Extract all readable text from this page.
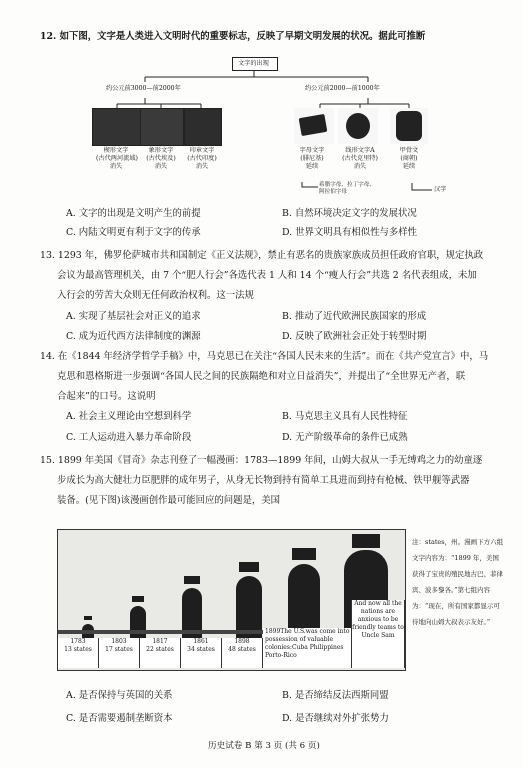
12. 如下图，文字是人类进入文明时代的重要标志，反映了早期文明发展的状况。据此可推断
文字的出现
约公元前3000—前2000年	约公元前2000—前1000年
楔形文字
(古代两河流域)
消失
象形文字
(古代埃及)
消失
印章文字
(古代印度)
消失
字母文字
(腓尼基)
延续
线形文字A
(古代克里特)
消失
甲骨文
(商朝)
延续
希腊字母、拉丁字母、阿拉伯字母	汉字
A. 文字的出现是文明产生的前提	B. 自然环境决定文字的发展状况
C. 内陆文明更有利于文字的传承	D. 世界文明具有相似性与多样性
13. 1293 年，佛罗伦萨城市共和国制定《正义法规》，禁止有恶名的贵族家族成员担任政府官职，规定执政
会议为最高管理机关，由 7 个“肥人行会”各选代表 1 人和 14 个“瘦人行会”共选 2 名代表组成，未加
入行会的劳苦大众则无任何政治权利。这一法规
A. 实现了基层社会对正义的追求	B. 推动了近代欧洲民族国家的形成
C. 成为近代西方法律制度的渊源	D. 反映了欧洲社会正处于转型时期
14. 在《1844 年经济学哲学手稿》中，马克思已在关注“各国人民未来的生活”。而在《共产党宣言》中，马
克思和恩格斯进一步强调“各国人民之间的民族隔绝和对立日益消失”，并提出了“全世界无产者，联
合起来”的口号。这说明
A. 社会主义理论由空想到科学	B. 马克思主义具有人民性特征
C. 工人运动进入暴力革命阶段	D. 无产阶级革命的条件已成熟
15. 1899 年美国《冒奇》杂志刊登了一幅漫画：1783—1899 年间，山姆大叔从一手无缚鸡之力的幼童逐
步成长为高大健壮力臣肥胖的成年男子，从身无长物到持有简单工具进而到持有枪械、铁甲舰等武器
装备。(见下图)该漫画创作最可能回应的问题是，美国
1783
13 states
1803
17 states
1817
22 states
1861
34 states
1898
48 states
1899The U.S.was come into possession of valuable colonies:Cuba Philippines Porto-Rico
And now all the nations are anxious to be friendly teams to Uncle Sam
注：states，州。漫画下方六组文字内容为：“1899 年，美国获得了宝贵的殖民地古巴、菲律宾、波多黎各。”第七组内容为：“现在，所有国家都显示可待地向山姆大叔表示友好。”
A. 是否保持与英国的关系	B. 是否缔结反法西斯同盟
C. 是否需要遏制垄断资本	D. 是否继续对外扩张势力
历史试卷 B 第 3 页 (共 6 页)
